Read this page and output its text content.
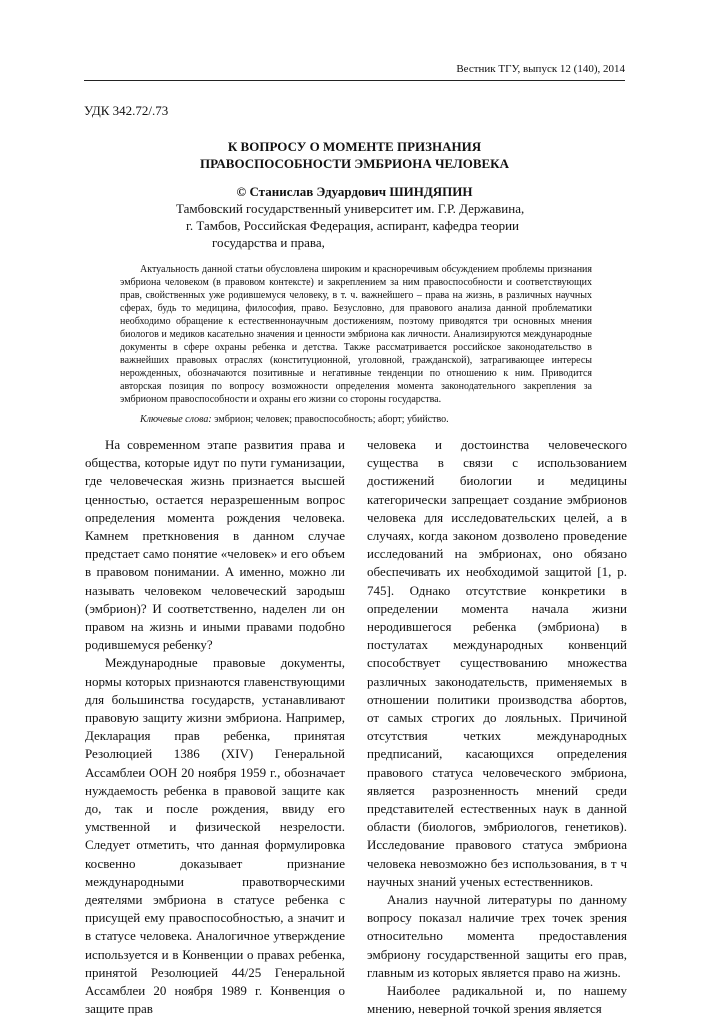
Вестник ТГУ, выпуск 12 (140), 2014
УДК 342.72/.73
К ВОПРОСУ О МОМЕНТЕ ПРИЗНАНИЯ
ПРАВОСПОСОБНОСТИ ЭМБРИОНА ЧЕЛОВЕКА
© Станислав Эдуардович ШИНДЯПИН
Тамбовский государственный университет им. Г.Р. Державина,
г. Тамбов, Российская Федерация, аспирант, кафедра теории
государства и права,

Актуальность данной статьи обусловлена широким и красноречивым обсуждением проблемы признания эмбриона человеком (в правовом контексте) и закреплением за ним правоспособности и соответствующих прав, свойственных уже родившемуся человеку, в т. ч. важнейшего – права на жизнь, в различных научных сферах, будь то медицина, философия, право. Безусловно, для правового анализа данной проблематики необходимо обращение к естественнонаучным достижениям, поэтому приводятся три основных мнения биологов и медиков касательно значения и ценности эмбриона как личности. Анализируются международные документы в сфере охраны ребенка и детства. Также рассматривается российское законодательство в важнейших правовых отраслях (конституционной, уголовной, гражданской), затрагивающее интересы нерожденных, обозначаются позитивные и негативные тенденции по отношению к ним. Приводится авторская позиция по вопросу возможности определения момента законодательного закрепления за эмбрионом правоспособности и охраны его жизни со стороны государства.

Ключевые слова: эмбрион; человек; правоспособность; аборт; убийство.

На современном этапе развития права и общества, которые идут по пути гуманизации, где человеческая жизнь признается высшей ценностью, остается неразрешенным вопрос определения момента рождения человека. Камнем преткновения в данном случае предстает само понятие «человек» и его объем в правовом понимании. А именно, можно ли называть человеком человеческий зародыш (эмбрион)? И соответственно, наделен ли он правом на жизнь и иными правами подобно родившемуся ребенку?

Международные правовые документы, нормы которых признаются главенствующими для большинства государств, устанавливают правовую защиту жизни эмбриона. Например, Декларация прав ребенка, принятая Резолюцией 1386 (XIV) Генеральной Ассамблеи ООН 20 ноября 1959 г., обозначает нуждаемость ребенка в правовой защите как до, так и после рождения, ввиду его умственной и физической незрелости. Следует отметить, что данная формулировка косвенно доказывает признание международными правотворческими деятелями эмбриона в статусе ребенка с присущей ему правоспособностью, а значит и в статусе человека. Аналогичное утверждение используется и в Конвенции о правах ребенка, принятой Резолюцией 44/25 Генеральной Ассамблеи 20 ноября 1989 г. Конвенция о защите прав

человека и достоинства человеческого существа в связи с использованием достижений биологии и медицины категорически запрещает создание эмбрионов человека для исследовательских целей, а в случаях, когда законом дозволено проведение исследований на эмбрионах, оно обязано обеспечивать их необходимой защитой [1, р. 745]. Однако отсутствие конкретики в определении момента начала жизни неродившегося ребенка (эмбриона) в постулатах международных конвенций способствует существованию множества различных законодательств, применяемых в отношении политики производства абортов, от самых строгих до лояльных. Причиной отсутствия четких международных предписаний, касающихся определения правового статуса человеческого эмбриона, является разрозненность мнений среди представителей естественных наук в данной области (биологов, эмбриологов, генетиков). Исследование правового статуса эмбриона человека невозможно без использования, в т ч научных знаний ученых естественников.

Анализ научной литературы по данному вопросу показал наличие трех точек зрения относительно момента предоставления эмбриону государственной защиты его прав, главным из которых является право на жизнь.

Наиболее радикальной и, по нашему мнению, неверной точкой зрения является
